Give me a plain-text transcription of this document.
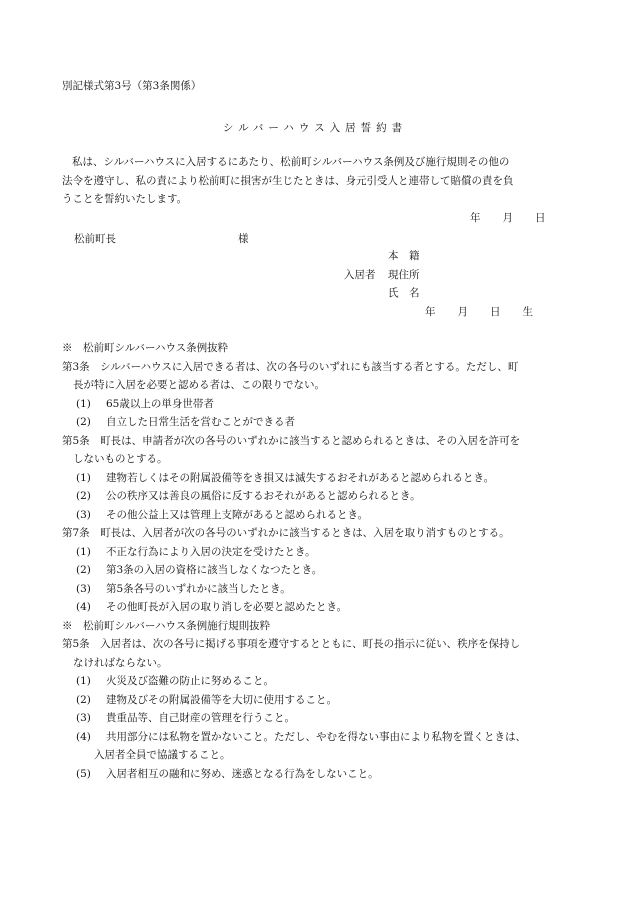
別記様式第3号（第3条関係）
シルバーハウス入居誓約書
私は、シルバーハウスに入居するにあたり、松前町シルバーハウス条例及び施行規則その他の
法令を遵守し、私の責により松前町に損害が生じたときは、身元引受人と連帯して賠償の責を負
うことを誓約いたします。
年 月 日
松前町長	様
本　籍
入居者 現住所
氏　名
年 月 日 生
※　松前町シルバーハウス条例抜粋
第3条　シルバーハウスに入居できる者は、次の各号のいずれにも該当する者とする。ただし、町
長が特に入居を必要と認める者は、この限りでない。
(1) 65歳以上の単身世帯者
(2) 自立した日常生活を営むことができる者
第5条　町長は、申請者が次の各号のいずれかに該当すると認められるときは、その入居を許可を
しないものとする。
(1) 建物若しくはその附属設備等をき損又は滅失するおそれがあると認められるとき。
(2) 公の秩序又は善良の風俗に反するおそれがあると認められるとき。
(3) その他公益上又は管理上支障があると認められるとき。
第7条　町長は、入居者が次の各号のいずれかに該当するときは、入居を取り消すものとする。
(1) 不正な行為により入居の決定を受けたとき。
(2) 第3条の入居の資格に該当しなくなつたとき。
(3) 第5条各号のいずれかに該当したとき。
(4) その他町長が入居の取り消しを必要と認めたとき。
※　松前町シルバーハウス条例施行規則抜粋
第5条　入居者は、次の各号に掲げる事項を遵守するとともに、町長の指示に従い、秩序を保持し
なければならない。
(1) 火災及び盗難の防止に努めること。
(2) 建物及びその附属設備等を大切に使用すること。
(3) 貴重品等、自己財産の管理を行うこと。
(4) 共用部分には私物を置かないこと。ただし、やむを得ない事由により私物を置くときは、
入居者全員で協議すること。
(5) 入居者相互の融和に努め、迷惑となる行為をしないこと。
